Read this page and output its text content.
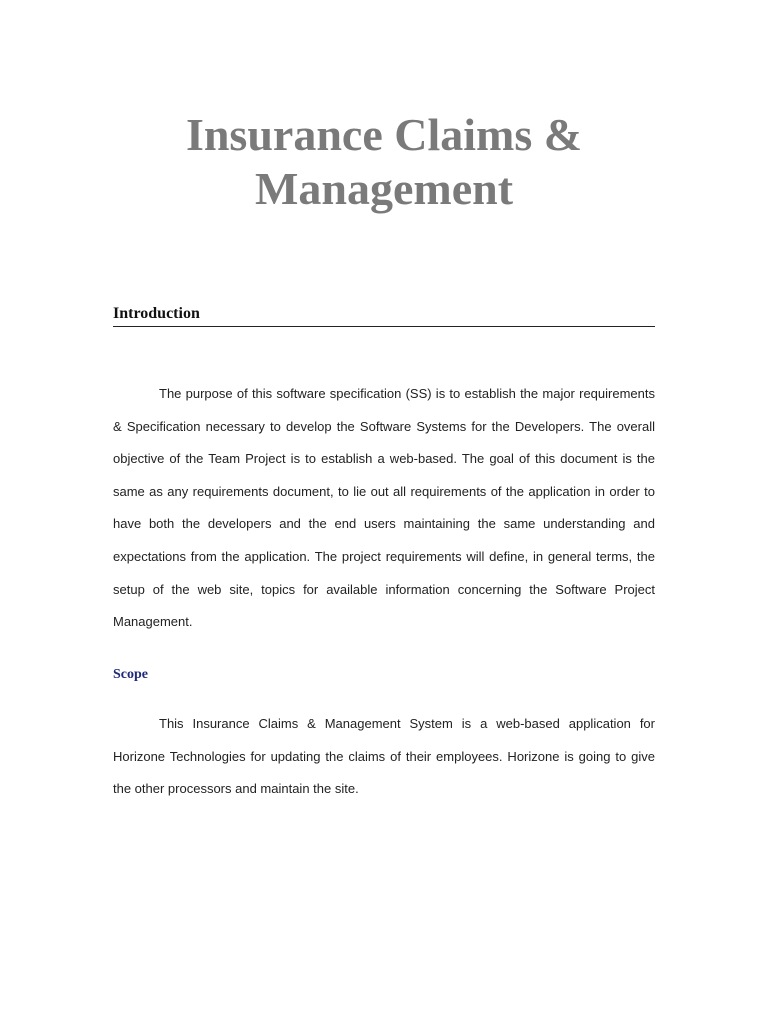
Insurance Claims &
Management
Introduction

The purpose of this software specification (SS) is to establish the major requirements & Specification necessary to develop the Software Systems for the Developers. The overall objective of the Team Project is to establish a web-based. The goal of this document is the same as any requirements document, to lie out all requirements of the application in order to have both the developers and the end users maintaining the same understanding and expectations from the application. The project requirements will define, in general terms, the setup of the web site, topics for available information concerning the Software Project Management.

Scope

This Insurance Claims & Management System is a web-based application for Horizone Technologies for updating the claims of their employees. Horizone is going to give the other processors and maintain the site.
